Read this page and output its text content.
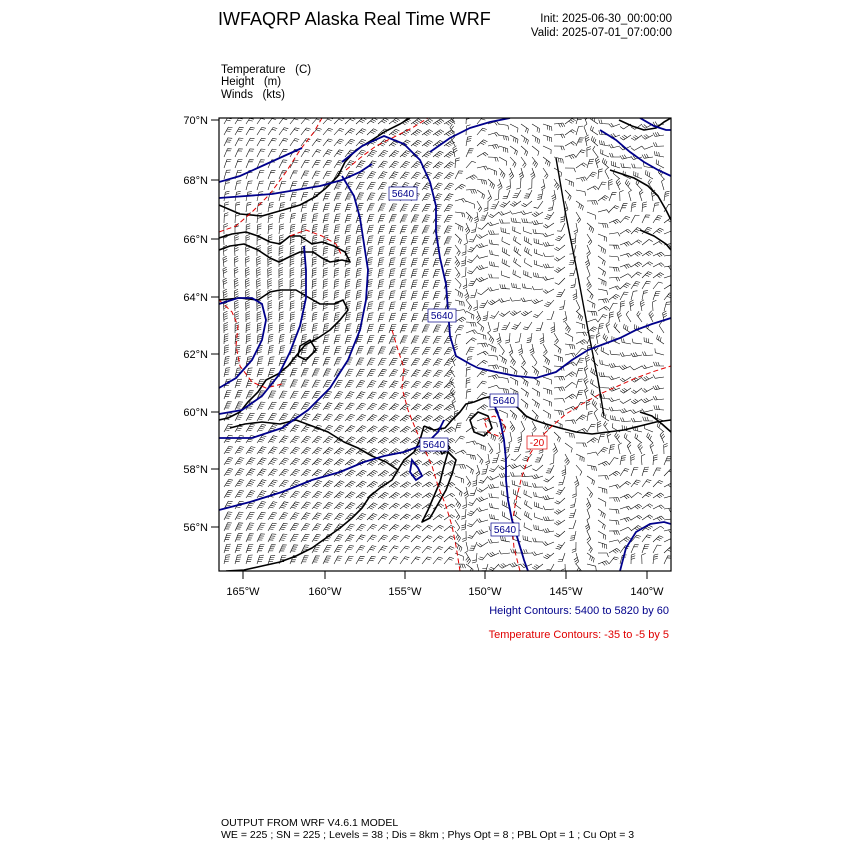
IWFAQRP Alaska Real Time WRF	Init: 2025-06-30_00:00:00
Valid: 2025-07-01_07:00:00
Temperature (C)
Height (m)
Winds (kts)
5640
5640
5640
5640
5640
-20
70°N
68°N
66°N
64°N
62°N
60°N
58°N
56°N
165°W	160°W	155°W	150°W	145°W	140°W
Height Contours: 5400 to 5820 by 60
Temperature Contours: -35 to -5 by 5
OUTPUT FROM WRF V4.6.1 MODEL
WE = 225 ; SN = 225 ; Levels = 38 ; Dis = 8km ; Phys Opt = 8 ; PBL Opt = 1 ; Cu Opt = 3
